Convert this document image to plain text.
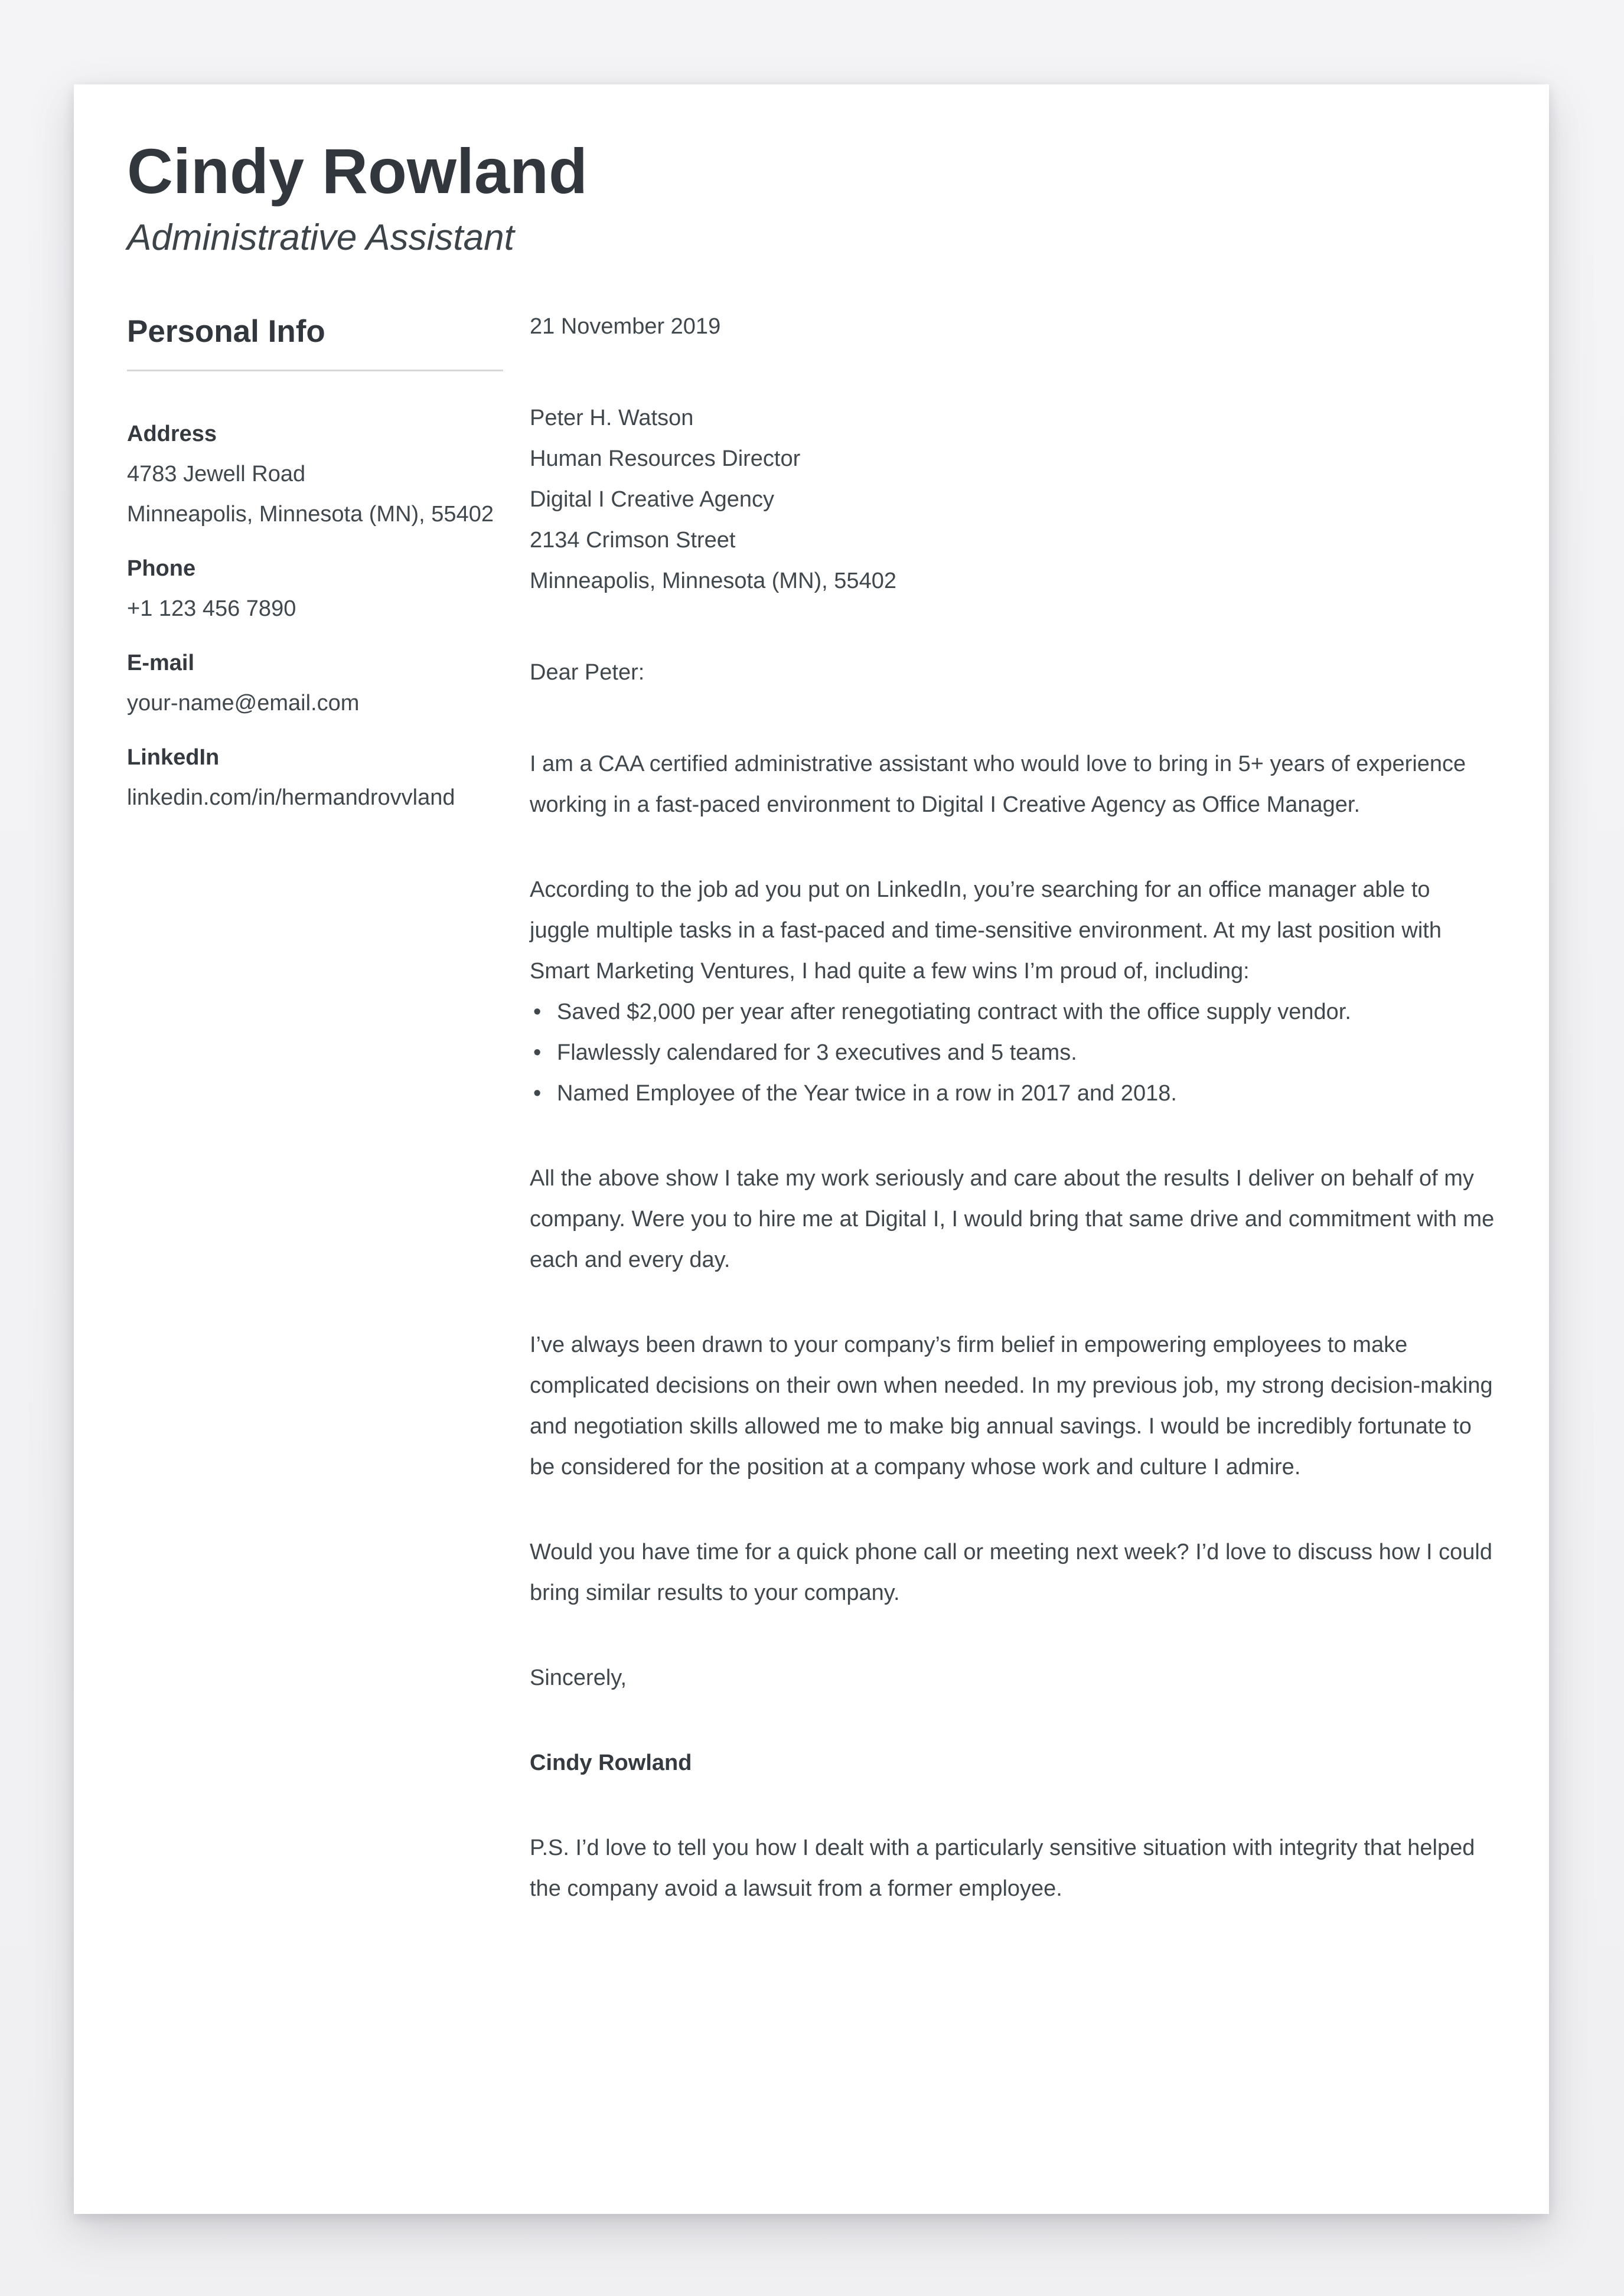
Cindy Rowland

Administrative Assistant

Personal Info
Address
4783 Jewell Road
Minneapolis, Minnesota (MN), 55402
Phone
+1 123 456 7890
E-mail
your-name@email.com
LinkedIn
linkedin.com/in/hermandrovvland
21 November 2019
Peter H. Watson
Human Resources Director
Digital I Creative Agency
2134 Crimson Street
Minneapolis, Minnesota (MN), 55402
Dear Peter:

I am a CAA certified administrative assistant who would love to bring in 5+ years of experience working in a fast-paced environment to Digital I Creative Agency as Office Manager.

According to the job ad you put on LinkedIn, you’re searching for an office manager able to juggle multiple tasks in a fast-paced and time-sensitive environment. At my last position with Smart Marketing Ventures, I had quite a few wins I’m proud of, including:

• Saved $2,000 per year after renegotiating contract with the office supply vendor.
• Flawlessly calendared for 3 executives and 5 teams.
• Named Employee of the Year twice in a row in 2017 and 2018.

All the above show I take my work seriously and care about the results I deliver on behalf of my company. Were you to hire me at Digital I, I would bring that same drive and commitment with me each and every day.

I’ve always been drawn to your company’s firm belief in empowering employees to make complicated decisions on their own when needed. In my previous job, my strong decision-making and negotiation skills allowed me to make big annual savings. I would be incredibly fortunate to be considered for the position at a company whose work and culture I admire.

Would you have time for a quick phone call or meeting next week? I’d love to discuss how I could bring similar results to your company.

Sincerely,
Cindy Rowland

P.S. I’d love to tell you how I dealt with a particularly sensitive situation with integrity that helped the company avoid a lawsuit from a former employee.
